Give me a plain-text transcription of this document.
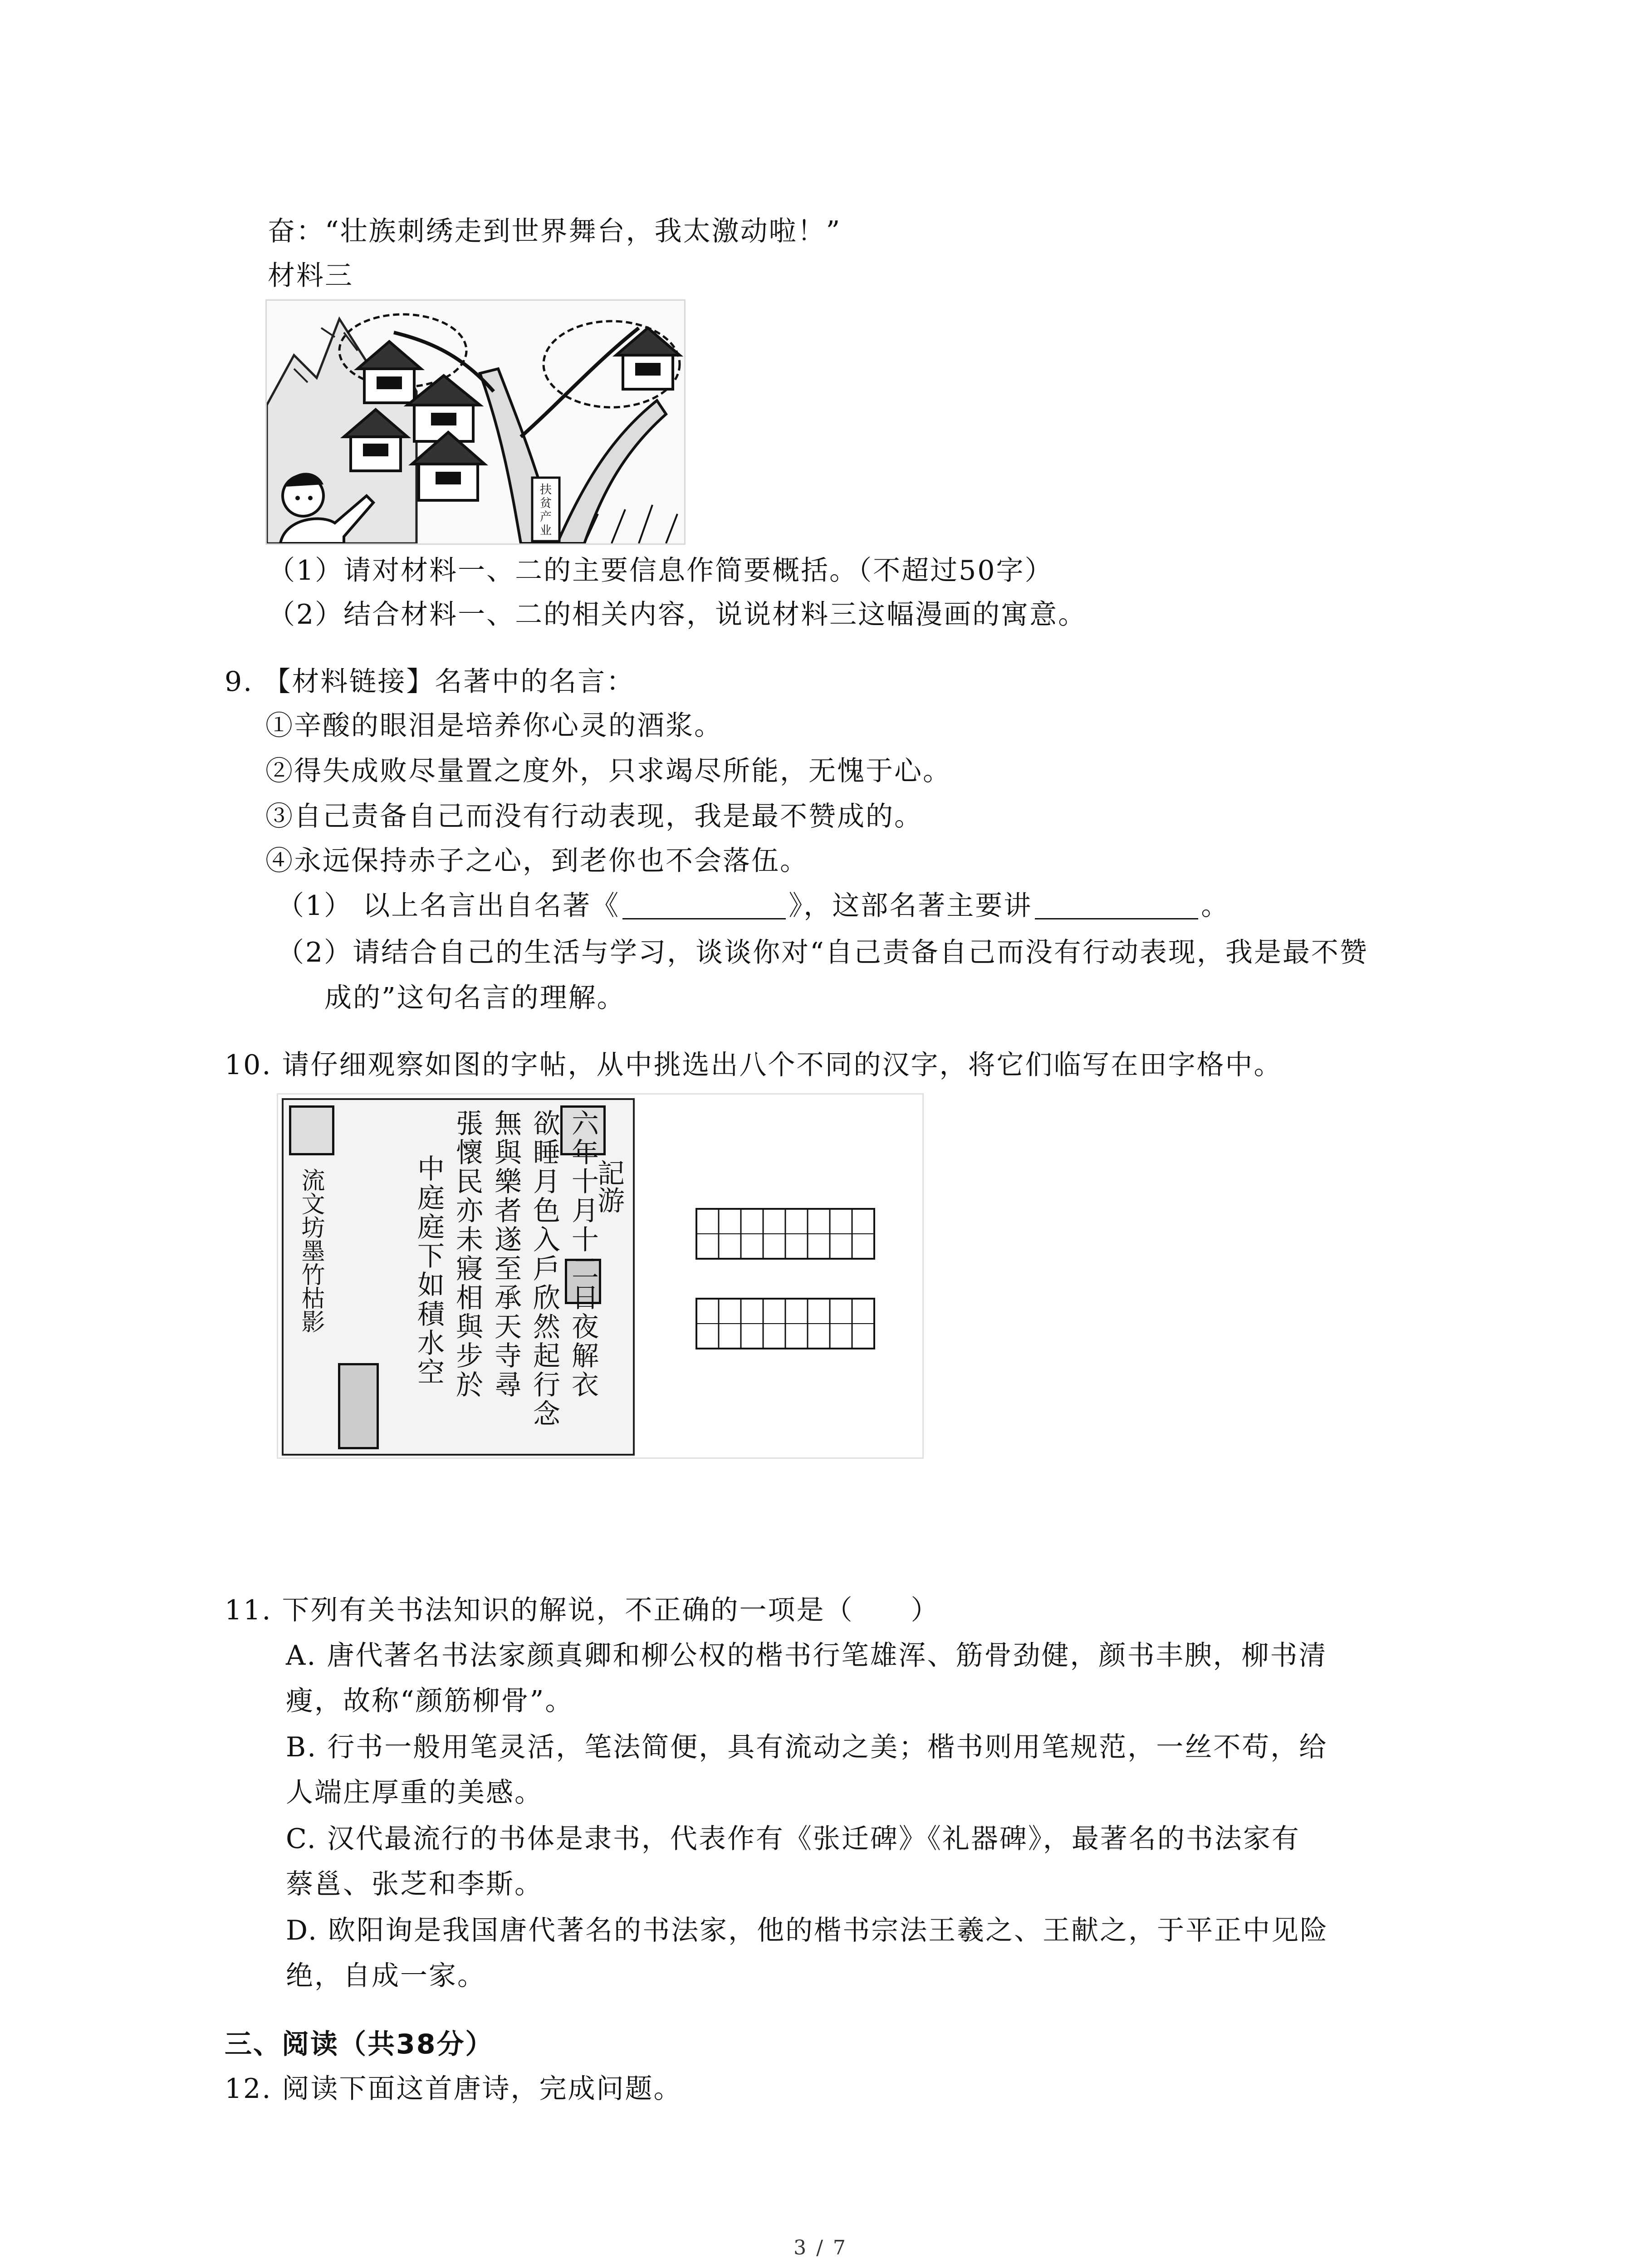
奋：“壮族刺绣走到世界舞台，我太激动啦！”
材料三
扶
贫
产
业
（1）请对材料一、二的主要信息作简要概括。（不超过50字）
（2）结合材料一、二的相关内容，说说材料三这幅漫画的寓意。
9. 【材料链接】名著中的名言：
①辛酸的眼泪是培养你心灵的酒浆。
②得失成败尽量置之度外，只求竭尽所能，无愧于心。
③自己责备自己而没有行动表现，我是最不赞成的。
④永远保持赤子之心，到老你也不会落伍。
（1） 以上名言出自名著《	》，这部名著主要讲	。
（2）请结合自己的生活与学习，谈谈你对“自己责备自己而没有行动表现，我是最不赞
成的”这句名言的理解。
10. 请仔细观察如图的字帖，从中挑选出八个不同的汉字，将它们临写在田字格中。
記游
六年十月十二日夜解衣
欲睡月色入戶欣然起行念
無與樂者遂至承天寺尋
張懷民亦未寢相與步於
中庭庭下如積水空
流文坊墨竹枯影
11. 下列有关书法知识的解说，不正确的一项是（　　）
A. 唐代著名书法家颜真卿和柳公权的楷书行笔雄浑、筋骨劲健，颜书丰腴，柳书清
瘦，故称“颜筋柳骨”。
B. 行书一般用笔灵活，笔法简便，具有流动之美；楷书则用笔规范，一丝不苟，给
人端庄厚重的美感。
C. 汉代最流行的书体是隶书，代表作有《张迁碑》《礼器碑》，最著名的书法家有
蔡邕、张芝和李斯。
D. 欧阳询是我国唐代著名的书法家，他的楷书宗法王羲之、王献之，于平正中见险
绝，自成一家。
三、阅读（共38分）
12. 阅读下面这首唐诗，完成问题。
3 / 7
